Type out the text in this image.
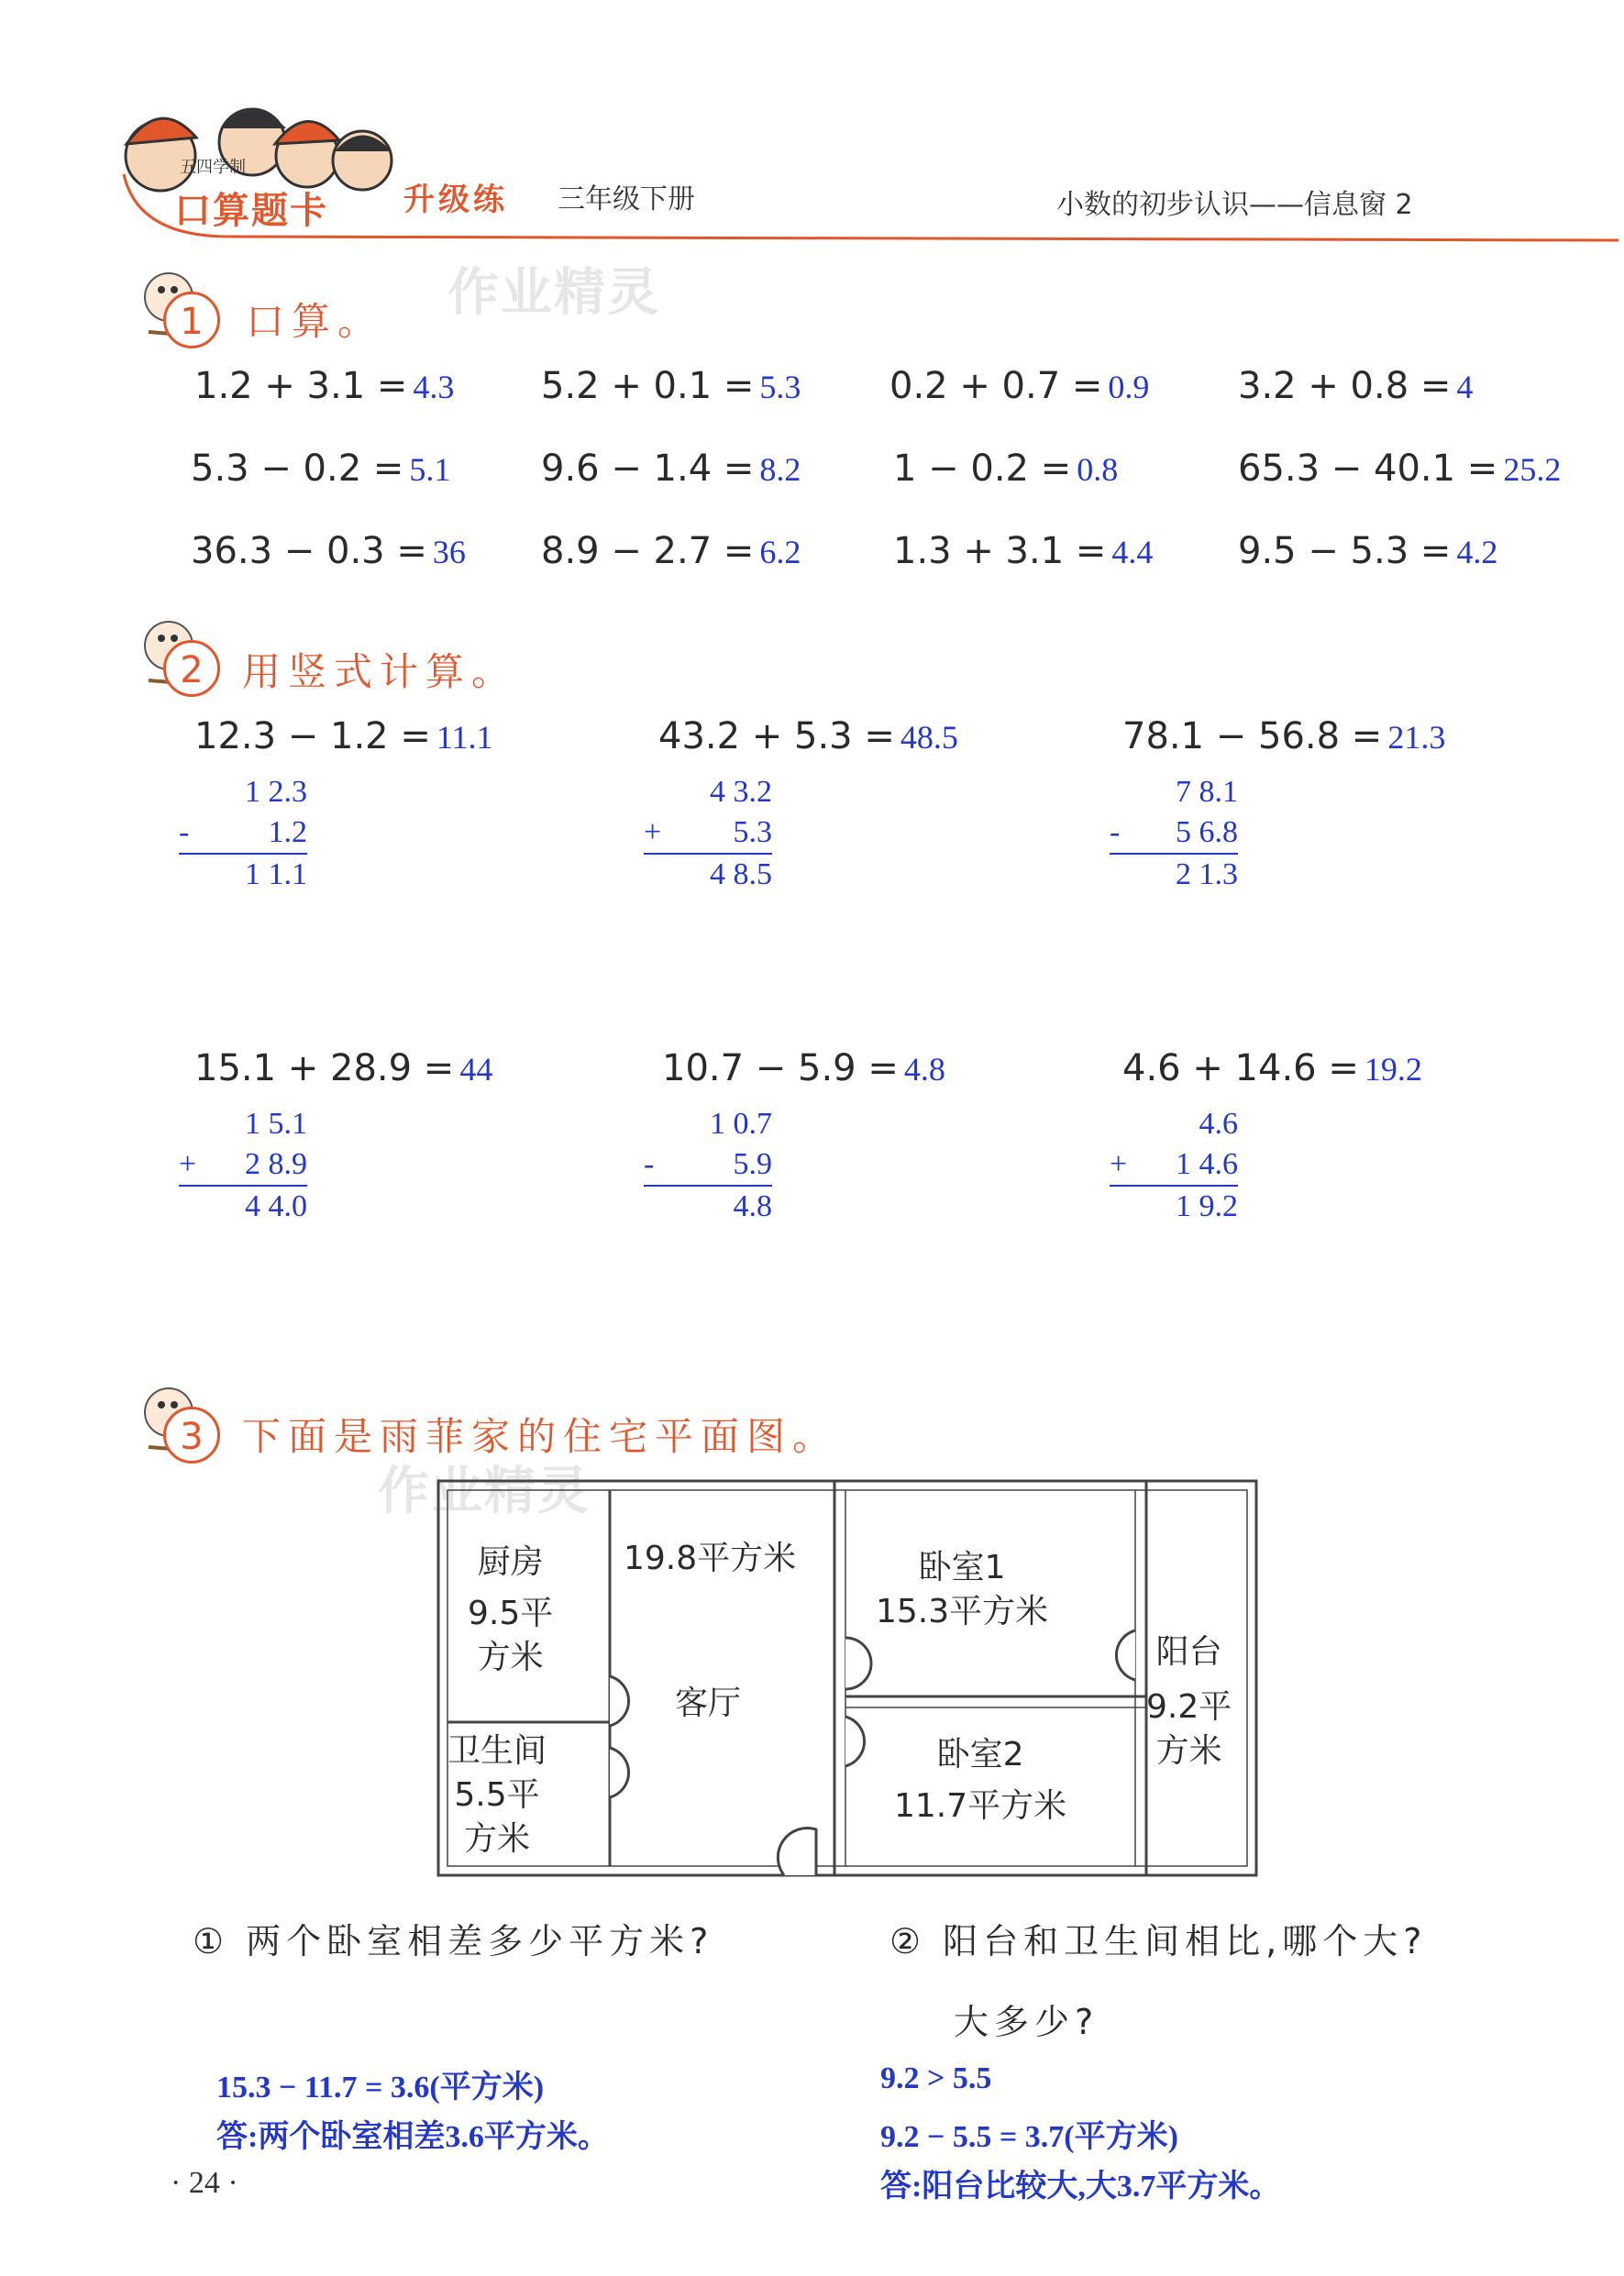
五四学制
口算题卡 升级练 三年级下册	小数的初步认识——信息窗 2
作业精灵
作业精灵
1	口算。
1.2 + 3.1 = 4.3 5.2 + 0.1 = 5.3 0.2 + 0.7 = 0.9 3.2 + 0.8 = 4
5.3 − 0.2 = 5.1 9.6 − 1.4 = 8.2	1 − 0.2 = 0.8	65.3 − 40.1 = 25.2
36.3 − 0.3 = 36 8.9 − 2.7 = 6.2	1.3 + 3.1 = 4.4 9.5 − 5.3 = 4.2
2	用竖式计算。
12.3 − 1.2 = 11.1
1 2.3
-	1.2
1 1.1
43.2 + 5.3 = 48.5
4 3.2
+ 5.3
4 8.5
78.1 − 56.8 = 21.3
7 8.1
- 5 6.8
2 1.3
15.1 + 28.9 = 44
1 5.1
+ 2 8.9
4 4.0
10.7 − 5.9 = 4.8
1 0.7
-	5.9
4.8
4.6 + 14.6 = 19.2
4.6
+ 1 4.6
1 9.2
3	下面是雨菲家的住宅平面图。
厨房
9.5平
方米
19.8平方米
客厅
卧室1
15.3平方米
卧室2
11.7平方米
卫生间
5.5平
方米
阳台
9.2平
方米
① 两个卧室相差多少平方米?	② 阳台和卫生间相比,哪个大?
大多少?
15.3 − 11.7 = 3.6(平方米)
答:两个卧室相差3.6平方米。
9.2 > 5.5
9.2 − 5.5 = 3.7(平方米)
答:阳台比较大,大3.7平方米。
· 24 ·
